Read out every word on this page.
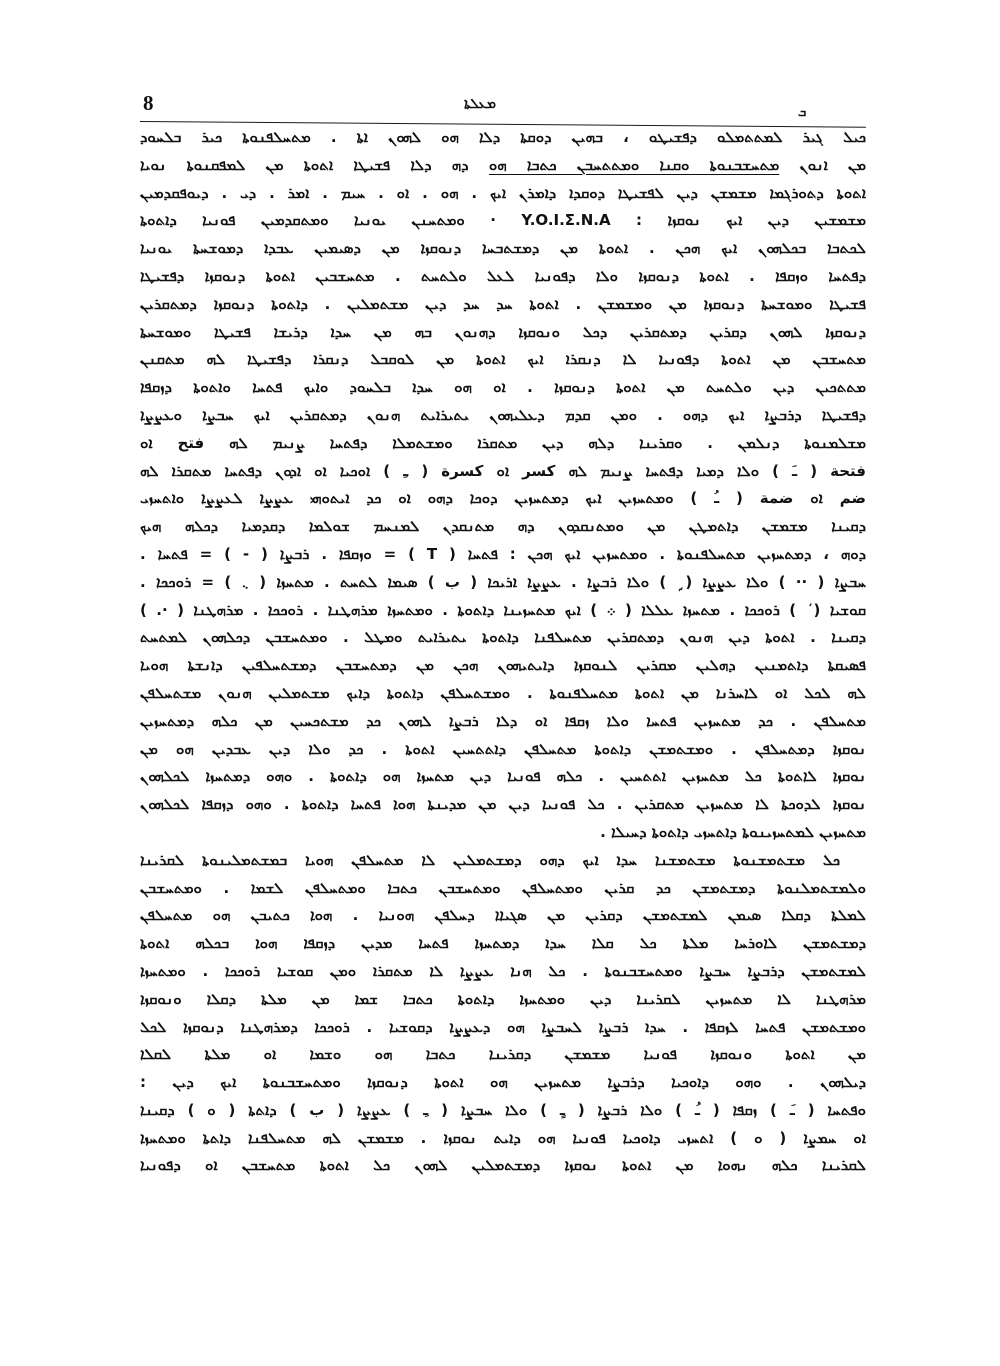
8	ܡܥܠܬܐ	ܒ
ܟܝܠ ܓܝܪ ܠܡܬܬܡܠܘ ܕܦܫܝܛܘ ، ܒܗܝܢ ܕܘܩܬܐ ܕܠܐ ܗܘ ܠܗܘܢ ܐܬܐ . ܡܬܚܠܦܢܘܬܐ ܟܝܪ ܒܠܚܘܕ
ܡܢ ܐܢܘܢ ܡܬܚܫܒܢܘܬܐ ܘܩܢܐ ܘܡܬܬܚܒܢ ܟܬܒܐ ܗܘ ܕܗ ܕܠܐ ܦܫܝܛܐ ܐܬܘܬܐ ܡܢ ܠܡܦܩܢܘܬܐ ܢܘܝܐ
ܐܬܘܬܐ ܕܬܘܪܓܡܐ ܡܫܡܫܢ ܕܝܢ ܠܦܫܝܛܐ ܕܘܩܕܐ ܕܐܡܪܢ ܐܝܟ . ܗܘ . ܐܘ . ܚܝܡ . ܐܡܪ . ܕܝ . ܕܝܘܦܩܕܡܝܢ
ܡܫܡܫܝܢ ܕܝܢ ܐܝܟ ܢܘܩܙܐ : Y.O.I.Σ.N.A · ܘܡܬܚܢܢ ܝܘܢܝܐ ܘܡܬܩܕܡܝܢ ܦܘܢܝܐ ܕܐܬܘܬܐ
ܠܟܬܒܐ ܒܟܠܗܘܢ ܐܝܟ ܗܟܢ . ܐܬܘܬܐ ܡܢ ܕܡܫܬܒܚܐ ܕܢܘܩܙܐ ܡܢ ܕܣܝܡܝܢ ܥܒܕܐ ܕܡܘܫܚܬܐ ܝܘܢܝܐ
ܕܦܬܚܐ ܘܙܩܦܐ . ܐܬܘܬܐ ܕܢܘܩܙܐ ܘܠܐ ܕܦܘܢܝܐ ܠܥܠ ܘܠܬܚܬ . ܡܬܚܫܒܝܢ ܐܬܘܬܐ ܕܢܘܩܙܐ ܕܦܫܝܛܐ
ܦܫܝܛܐ ܘܡܘܫܚܬܐ ܕܢܘܩܙܐ ܡܢ ܘܡܫܡܫܢ . ܐܬܘܬܐ ܚܕ ܚܕ ܕܝܢ ܡܫܬܡܠܝܢ . ܕܐܬܘܬܐ ܕܢܘܩܙܐ ܕܡܬܩܪܝܢ
ܕܢܘܩܙܐ ܠܗܘܢ ܕܩܪܝܢ ܕܡܬܩܪܝܢ ܕܟܠ ܘܢܘܩܙܐ ܕܗܢܘܢ ܒܗ ܡܢ ܚܕܐ ܕܪܝܫܐ ܦܫܝܛܐ ܘܡܘܫܚܬܐ
ܡܬܚܫܒܢ ܡܢ ܐܬܘܬܐ ܕܦܘܢܝܐ ܠܐ ܕܢܩܪܐ ܐܝܟ ܐܬܘܬܐ ܡܢ ܠܘܩܒܠ ܕܢܩܪܐ ܕܦܫܝܛܐ ܠܗ ܡܬܩܢܢ
ܡܬܬܟܝܢ ܕܝܢ ܘܠܬܚܬ ܡܢ ܐܬܘܬܐ ܕܢܘܩܙܐ . ܐܘ ܗܘ ܚܕܐ ܒܠܚܘܕ ܘܐܝܟ ܦܬܚܐ ܘܐܬܘܬܐ ܕܙܩܦܐ
ܕܦܫܝܛܐ ܕܪܒܨܐ ܐܝܟ ܕܗܘ . ܘܡܢ ܩܕܡ ܕܥܠܝܗܘܢ ܝܬܝܪܐܝܬ ܗܢܘܢ ܕܡܬܩܪܝܢ ܐܝܟ ܚܒܨܐ ܘܥܨܨܐ
ܡܫܠܡܢܘܬܐ ܕܢܠܡܢ . ܘܩܪܝܢܐ ܕܠܗ ܕܝܢ ܡܬܩܪܐ ܘܡܫܬܡܠܐ ܕܦܬܚܐ ܨܢܝܡ ܠܗ فتح ܐܘ
فتحة ( ـَ ) ܘܠܐ ܕܡܝܐ ܕܦܬܚܐ ܨܢܝܡ ܠܗ كسر ܐܘ كسرة ( ـِ ) ܐܘܟܝܐ ܐܘ ܐܕܘܢ ܕܦܬܚܐ ܡܬܩܪܐ ܠܗ
ضم ܐܘ ضمة ( ـُ ) ܘܡܬܚܙܝܢ ܐܝܟ ܕܡܬܚܙܝܢ ܕܘܟܐ ܕܗܘ ܐܘ ܟܕ ܐܝܬܘܗܝ ܥܨܨܐ ܠܥܨܨܐ ܘܐܬܚܙܝ
ܕܩܝܢܐ ܡܫܡܫܢ ܕܐܬܡܛܢ ܡܢ ܘܡܬܢܩܕܘܢ ܕܗ ܡܬܢܩܕܢ ܠܡܢܚܡ ܫܘܠܡܐ ܕܩܕܡܝܐ ܕܟܠܗ ܗܝܟ
ܕܘܗ ، ܕܡܬܚܙܝܢ ܡܬܚܠܦܢܘܬܐ . ܘܡܬܚܙܝܢ ܐܝܟ ܗܟܢ : ܦܬܚܐ ( T ) = ܘܙܩܦܐ . ܪܒܨܐ ( - ) = ܦܬܚܐ .
ܚܒܨܐ ( ·· ) ܘܠܐ ܥܨܨܐ ( ܹ ) ܘܠܐ ܪܒܨܐ . ܥܨܨܐ ܐܪܝܟܐ ( ب ) ܣܝܡܐ ܠܬܚܬ . ܡܬܚܙܐ ( ܆ ) = ܪܘܟܟܐ .
ܩܘܫܝܐ ( ܿ ) ܪܘܟܟܐ . ܡܬܚܙܐ ܥܠܠܐ ( ܀ ) ܐܝܟ ܡܬܚܙܝܢܐ ܕܐܬܘܬܐ . ܘܡܬܚܙܐ ܡܪܗܛܢܐ . ܪܘܟܟܐ . ܡܪܗܛܢܐ ( ·. )
ܕܩܝܢܐ . ܐܬܘܬܐ ܕܝܢ ܗܢܘܢ ܕܡܬܩܪܝܢ ܡܬܚܠܦܢܐ ܕܐܬܘܬܐ ܝܬܝܪܐܝܬ ܘܡܛܠ . ܘܡܬܚܫܒܢ ܕܟܠܗܘܢ ܠܡܬܚܬ
ܦܣܝܩܬܐ ܕܐܬܡܢܝܢ ܕܗܠܝܢ ܡܩܪܝܢ ܠܢܘܩܙܐ ܕܐܝܬܝܗܘܢ ܗܟܢ ܡܢ ܕܡܬܚܫܒܢ ܕܡܫܬܚܠܦܝܢ ܕܐܢܫܬܐ ܗܘܝܐ
ܠܗ ܠܟܠ ܐܘ ܠܐܚܪܢܐ ܡܢ ܐܬܘܬܐ ܡܬܚܠܦܢܘܬܐ . ܘܡܫܬܚܠܦܢ ܕܐܬܘܬܐ ܕܐܝܟ ܡܫܬܡܠܝܢ ܗܢܘܢ ܡܫܬܚܠܦܢ
ܡܬܚܠܦܢ . ܟܕ ܡܬܚܙܝܢ ܦܬܚܐ ܘܠܐ ܙܩܦܐ ܐܘ ܕܠܐ ܪܒܨܐ ܠܗܘܢ ܟܕ ܡܫܬܟܚܝܢ ܡܢ ܟܠܗ ܕܡܬܚܙܝܢ
ܢܘܩܙܐ ܕܡܬܚܠܦܢ . ܘܡܫܬܡܫܢ ܕܐܬܘܬܐ ܡܬܚܠܦܢ ܕܐܬܬܚܝܢ ܐܬܘܬܐ . ܟܕ ܘܠܐ ܕܝܢ ܥܒܕܝܢ ܗܘ ܡܢ
ܢܘܩܙܐ ܠܐܬܘܬܐ ܟܠ ܡܬܚܙܝܢ ܐܬܬܚܝܢ . ܟܠܗ ܦܘܢܝܐ ܕܝܢ ܡܬܚܙܐ ܗܘ ܕܐܬܘܬܐ . ܘܗܘ ܕܡܬܚܙܐ ܠܟܠܗܘܢ
ܢܘܩܙܐ ܠܕܘܟܬܐ ܠܐ ܡܬܚܙܝܢ ܡܬܩܪܝܢ . ܟܠ ܦܘܢܝܐ ܕܝܢ ܡܢ ܡܕܝܢܬܐ ܗܘܐ ܦܬܚܐ ܕܐܬܘܬܐ . ܘܗܘ ܕܙܩܦܐ ܠܟܠܗܘܢ
ܡܬܚܙܝܢ ܠܡܬܚܙܝܢܘܬܐ ܕܐܬܚܙܝ ܕܐܬܘܬܐ ܕܚܝܠܐ .
ܟܠ ܡܫܬܡܫܢܘܬܐ ܡܫܬܡܫܢܐ ܚܕܐ ܐܝܟ ܕܗܘ ܕܡܫܬܡܠܝܢ ܠܐ ܡܬܚܠܦܢ ܗܘܝܐ ܒܡܫܬܡܠܝܢܘܬܐ ܠܩܪܝܢܐ
ܘܠܡܫܬܡܠܢܘܬܐ ܕܡܫܬܡܫܢ ܟܕ ܩܪܝܢ ܘܡܬܚܠܦܢ ܘܡܬܚܫܒܢ ܟܬܒܐ ܘܡܬܚܠܦܢ ܠܫܡܐ . ܘܡܬܚܫܒܢ
ܠܡܠܬܐ ܕܩܠܐ ܣܝܡܢ ܠܡܫܬܡܫܢ ܕܩܪܝܢ ܡܢ ܣܓܝܐܐ ܕܚܠܦܢ ܗܘܢܝܐ . ܗܘܐ ܟܬܝܒܢ ܗܘ ܡܬܚܠܦܢ
ܕܡܫܬܡܫܢ ܠܐܘܪܚܐ ܡܠܬܐ ܟܠ ܩܠܐ ܚܕܐ ܕܡܬܚܙܐ ܦܬܚܐ ܡܕܝܢ ܕܙܩܦܐ ܗܘܐ ܒܟܠܗ ܐܬܘܬܐ
ܠܡܫܬܡܫܢ ܕܪܒܨܐ ܚܒܨܐ ܘܡܬܚܫܒܢܘܬܐ . ܟܠ ܗܢܐ ܥܨܨܐ ܠܐ ܡܬܩܪܐ ܘܡܢ ܩܘܫܝܐ ܪܘܟܟܐ . ܘܡܬܚܙܐ
ܡܪܗܛܢܐ ܠܐ ܡܬܚܙܝܢ ܠܩܪܝܢܐ ܕܝܢ ܘܡܬܚܙܐ ܕܐܬܘܬܐ ܟܬܒܐ ܫܡܐ ܡܢ ܡܠܬܐ ܕܩܠܐ ܘܢܘܩܙܐ
ܘܡܫܬܡܫܢ ܦܬܚܐ ܠܙܩܦܐ . ܚܕܐ ܪܒܨܐ ܠܚܒܨܐ ܗܘ ܕܥܨܨܐ ܕܩܘܫܝܐ . ܪܘܟܟܐ ܕܡܪܗܛܢܐ ܕܢܘܩܙܐ ܠܟܠ
ܡܢ ܐܬܘܬܐ ܘܢܘܩܙܐ ܦܘܢܝܐ ܡܫܡܫܢ ܕܩܪܝܢܐ ܟܬܒܐ ܗܘ ܘܫܡܐ ܐܘ ܡܠܬܐ ܠܩܠܐ
ܕܝܠܗܘܢ . ܘܗܘ ܕܐܘܟܝܐ ܕܪܒܨܐ ܡܬܚܙܝܢ ܗܘ ܐܬܘܬܐ ܕܢܘܩܙܐ ܘܡܬܚܫܒܢܘܬܐ ܐܝܟ ܕܝܢ :
ܘܦܬܚܐ ( ـَ ) ܙܩܦܐ ( ـُ ) ܘܠܐ ܪܒܨܐ ( ـٍ ) ܘܠܐ ܚܒܨܐ ( ـِ ) ܥܨܨܐ ( ب ) ܕܐܬܬܐ ( ܘ ) ܕܩܝܢܐ
ܐܘ ܚܡܨܐ ( ܘ ) ܐܬܚܙܝ ܕܐܘܟܝܐ ܦܘܢܝܐ ܗܘ ܕܐܝܬ ܢܘܩܙܐ . ܡܫܡܫܢ ܠܗ ܡܬܚܠܦܢܐ ܕܐܬܬܐ ܘܡܬܚܙܐ
ܠܩܪܝܢܐ ܟܠܗ ܢܗܘܐ ܡܢ ܐܬܘܬܐ ܢܘܩܙܐ ܕܡܫܬܡܠܝܢ ܠܗܘܢ ܟܠ ܐܬܘܬܐ ܡܬܚܫܒܢ ܐܘ ܕܦܘܢܝܐ
